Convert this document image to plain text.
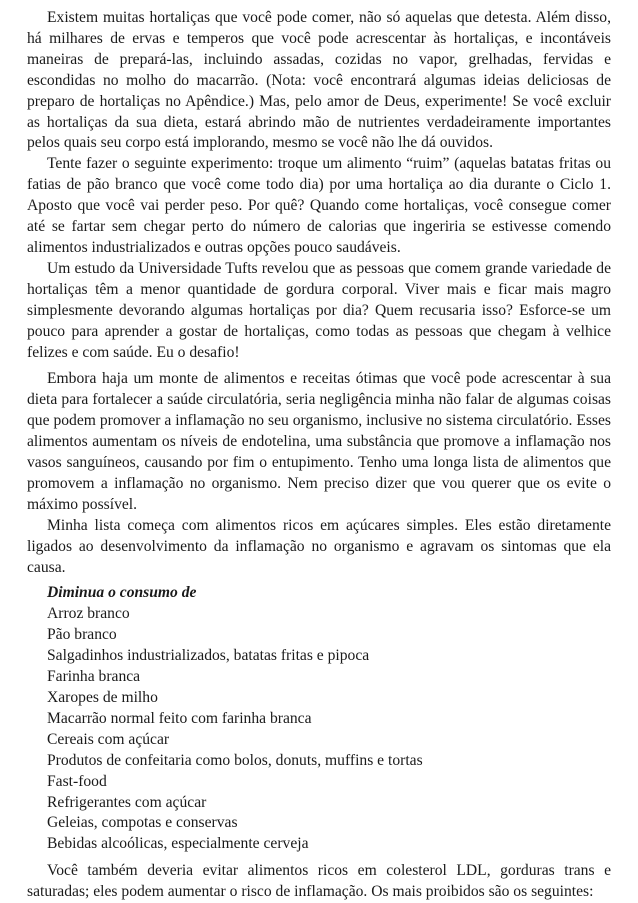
Existem muitas hortaliças que você pode comer, não só aquelas que detesta. Além disso, há milhares de ervas e temperos que você pode acrescentar às hortaliças, e incontáveis maneiras de prepará-las, incluindo assadas, cozidas no vapor, grelhadas, fervidas e escondidas no molho do macarrão. (Nota: você encontrará algumas ideias deliciosas de preparo de hortaliças no Apêndice.) Mas, pelo amor de Deus, experimente! Se você excluir as hortaliças da sua dieta, estará abrindo mão de nutrientes verdadeiramente importantes pelos quais seu corpo está implorando, mesmo se você não lhe dá ouvidos.

Tente fazer o seguinte experimento: troque um alimento “ruim” (aquelas batatas fritas ou fatias de pão branco que você come todo dia) por uma hortaliça ao dia durante o Ciclo 1. Aposto que você vai perder peso. Por quê? Quando come hortaliças, você consegue comer até se fartar sem chegar perto do número de calorias que ingeriria se estivesse comendo alimentos industrializados e outras opções pouco saudáveis.

Um estudo da Universidade Tufts revelou que as pessoas que comem grande variedade de hortaliças têm a menor quantidade de gordura corporal. Viver mais e ficar mais magro simplesmente devorando algumas hortaliças por dia? Quem recusaria isso? Esforce-se um pouco para aprender a gostar de hortaliças, como todas as pessoas que chegam à velhice felizes e com saúde. Eu o desafio!

Embora haja um monte de alimentos e receitas ótimas que você pode acrescentar à sua dieta para fortalecer a saúde circulatória, seria negligência minha não falar de algumas coisas que podem promover a inflamação no seu organismo, inclusive no sistema circulatório. Esses alimentos aumentam os níveis de endotelina, uma substância que promove a inflamação nos vasos sanguíneos, causando por fim o entupimento. Tenho uma longa lista de alimentos que promovem a inflamação no organismo. Nem preciso dizer que vou querer que os evite o máximo possível.

Minha lista começa com alimentos ricos em açúcares simples. Eles estão diretamente ligados ao desenvolvimento da inflamação no organismo e agravam os sintomas que ela causa.

Diminua o consumo de

Arroz branco
Pão branco
Salgadinhos industrializados, batatas fritas e pipoca
Farinha branca
Xaropes de milho
Macarrão normal feito com farinha branca
Cereais com açúcar
Produtos de confeitaria como bolos, donuts, muffins e tortas
Fast-food
Refrigerantes com açúcar
Geleias, compotas e conservas
Bebidas alcoólicas, especialmente cerveja

Você também deveria evitar alimentos ricos em colesterol LDL, gorduras trans e saturadas; eles podem aumentar o risco de inflamação. Os mais proibidos são os seguintes:
